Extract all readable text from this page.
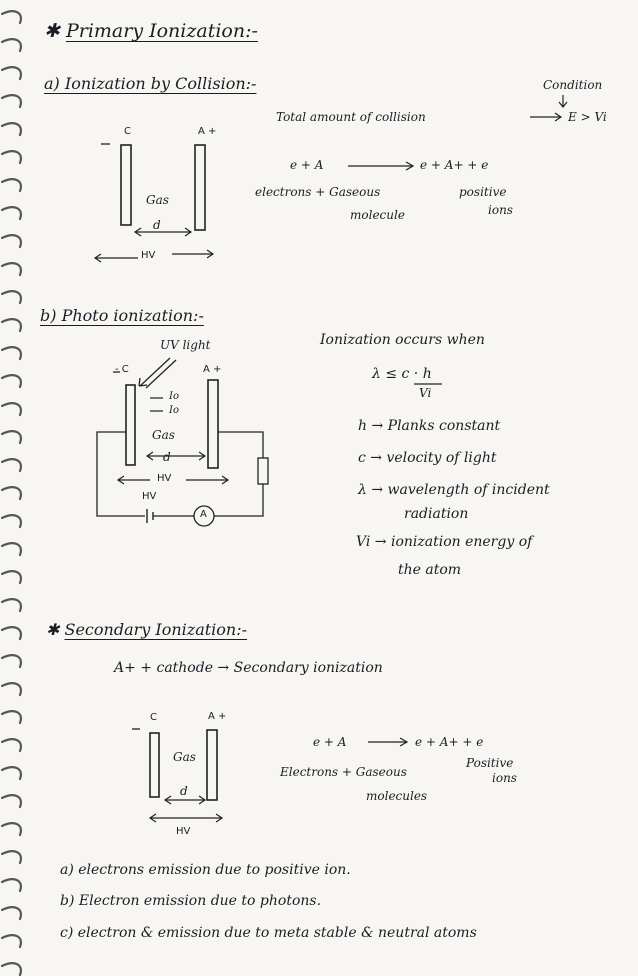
✱ Primary Ionization:-
a) Ionization by Collision:-	Condition
Total amount of collision	E > Vi
C	A +
Gas
d
HV
e + A	e + A+ + e
electrons + Gaseous
molecule
positive
ions
b) Photo ionization:-
UV light
- C	A +
Io
Io
Gas
d
HV
HV
A
Ionization occurs when
λ ≤ c · h
Vi
h → Planks constant
c → velocity of light
λ → wavelength of incident
radiation
Vi → ionization energy of
the atom
✱ Secondary Ionization:-
A+ + cathode → Secondary ionization
C	A +
Gas
d
HV
e + A	e + A+ + e
Electrons + Gaseous
molecules
Positive
ions
a) electrons emission due to positive ion.
b) Electron emission due to photons.
c) electron & emission due to meta stable & neutral atoms
